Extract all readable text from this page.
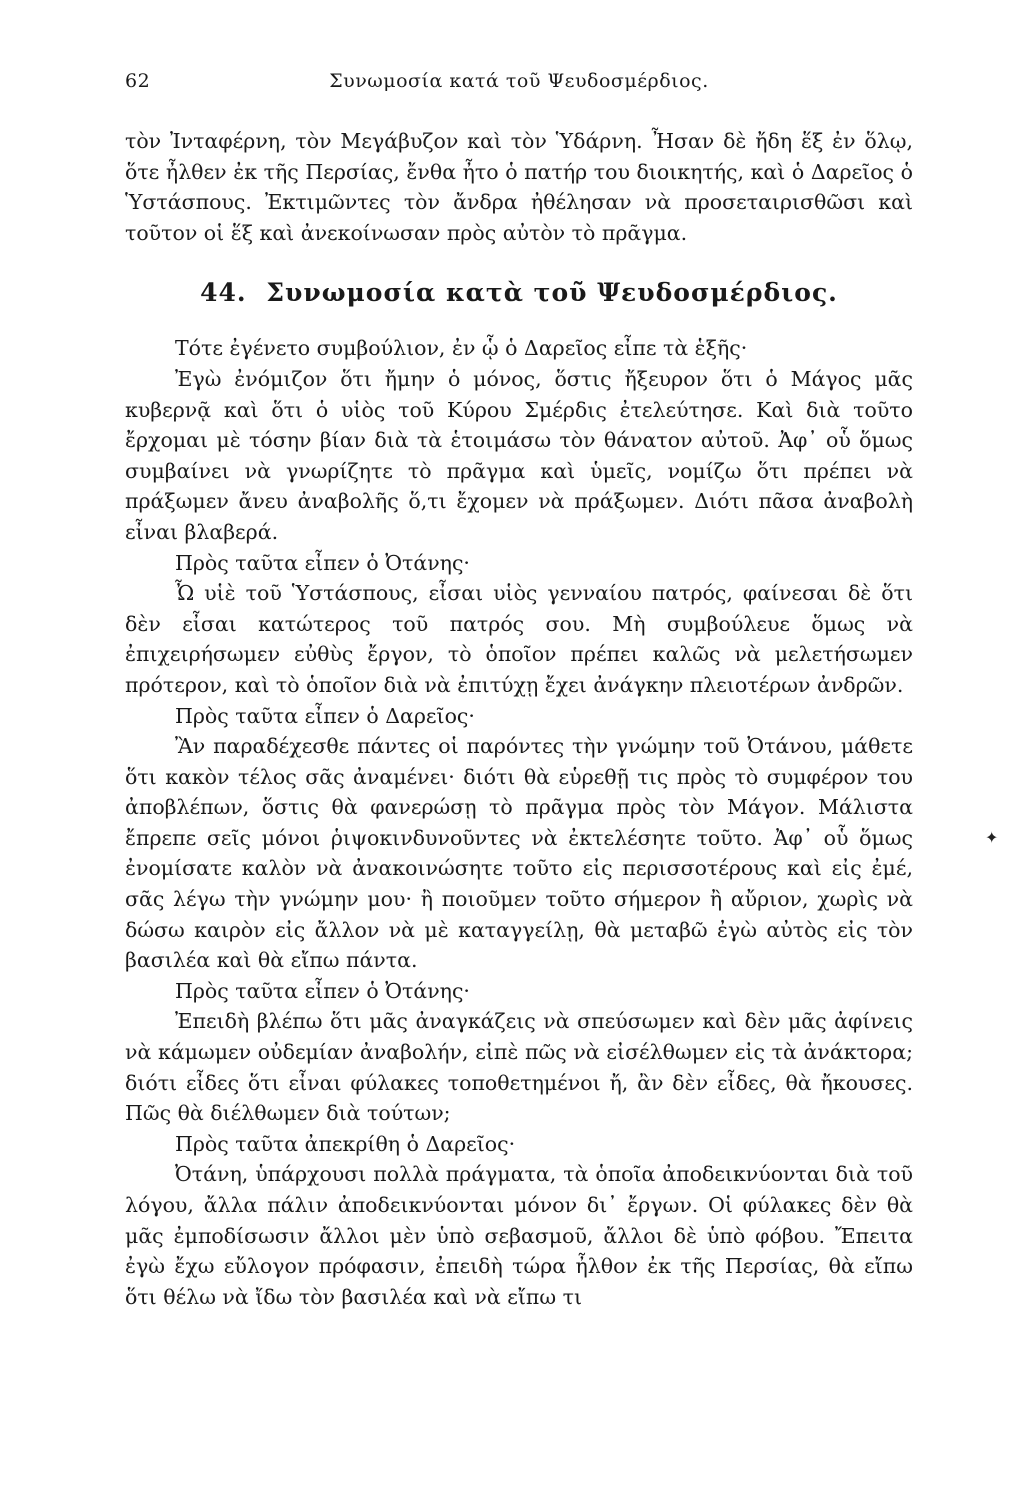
62	Συνωμοσία κατά τοῦ Ψευδοσμέρδιος.

τὸν Ἰνταφέρνη, τὸν Μεγάβυζον καὶ τὸν Ὑδάρνη. Ἦσαν δὲ ἤδη ἕξ ἐν ὅλῳ, ὅτε ἦλθεν ἐκ τῆς Περσίας, ἔνθα ἦτο ὁ πατήρ του διοικητής, καὶ ὁ Δαρεῖος ὁ Ὑστάσπους. Ἐκτιμῶντες τὸν ἄνδρα ἠθέλησαν νὰ προσεταιρισθῶσι καὶ τοῦτον οἱ ἕξ καὶ ἀνεκοίνωσαν πρὸς αὐτὸν τὸ πρᾶγμα.

44. Συνωμοσία κατὰ τοῦ Ψευδοσμέρδιος.

Τότε ἐγένετο συμβούλιον, ἐν ᾧ ὁ Δαρεῖος εἶπε τὰ ἑξῆς·

Ἐγὼ ἐνόμιζον ὅτι ἤμην ὁ μόνος, ὅστις ἤξευρον ὅτι ὁ Μάγος μᾶς κυβερνᾷ καὶ ὅτι ὁ υἱὸς τοῦ Κύρου Σμέρδις ἐτελεύτησε. Καὶ διὰ τοῦτο ἔρχομαι μὲ τόσην βίαν διὰ τὰ ἑτοιμάσω τὸν θάνατον αὐτοῦ. Ἀφ᾽ οὗ ὅμως συμβαίνει νὰ γνωρίζητε τὸ πρᾶγμα καὶ ὑμεῖς, νομίζω ὅτι πρέπει νὰ πράξωμεν ἄνευ ἀναβολῆς ὅ,τι ἔχομεν νὰ πράξωμεν. Διότι πᾶσα ἀναβολὴ εἶναι βλαβερά.

Πρὸς ταῦτα εἶπεν ὁ Ὀτάνης·

Ὦ υἱὲ τοῦ Ὑστάσπους, εἶσαι υἱὸς γενναίου πατρός, φαίνεσαι δὲ ὅτι δὲν εἶσαι κατώτερος τοῦ πατρός σου. Μὴ συμβούλευε ὅμως νὰ ἐπιχειρήσωμεν εὐθὺς ἔργον, τὸ ὁποῖον πρέπει καλῶς νὰ μελετήσωμεν πρότερον, καὶ τὸ ὁποῖον διὰ νὰ ἐπιτύχῃ ἔχει ἀνάγκην πλειοτέρων ἀνδρῶν.

Πρὸς ταῦτα εἶπεν ὁ Δαρεῖος·

Ἂν παραδέχεσθε πάντες οἱ παρόντες τὴν γνώμην τοῦ Ὀτάνου, μάθετε ὅτι κακὸν τέλος σᾶς ἀναμένει· διότι θὰ εὑρεθῇ τις πρὸς τὸ συμφέρον του ἀποβλέπων, ὅστις θὰ φανερώσῃ τὸ πρᾶγμα πρὸς τὸν Μάγον. Μάλιστα ἔπρεπε σεῖς μόνοι ῥιψοκινδυνοῦντες νὰ ἐκτελέσητε τοῦτο. Ἀφ᾽ οὗ ὅμως ἐνομίσατε καλὸν νὰ ἀνακοινώσητε τοῦτο εἰς περισσοτέρους καὶ εἰς ἐμέ, σᾶς λέγω τὴν γνώμην μου· ἢ ποιοῦμεν τοῦτο σήμερον ἢ αὔριον, χωρὶς νὰ δώσω καιρὸν εἰς ἄλλον νὰ μὲ καταγγείλῃ, θὰ μεταβῶ ἐγὼ αὐτὸς εἰς τὸν βασιλέα καὶ θὰ εἴπω πάντα.

Πρὸς ταῦτα εἶπεν ὁ Ὀτάνης·

Ἐπειδὴ βλέπω ὅτι μᾶς ἀναγκάζεις νὰ σπεύσωμεν καὶ δὲν μᾶς ἀφίνεις νὰ κάμωμεν οὐδεμίαν ἀναβολήν, εἰπὲ πῶς νὰ εἰσέλθωμεν εἰς τὰ ἀνάκτορα; διότι εἶδες ὅτι εἶναι φύλακες τοποθετημένοι ἤ, ἂν δὲν εἶδες, θὰ ἤκουσες. Πῶς θὰ διέλθωμεν διὰ τούτων;

Πρὸς ταῦτα ἀπεκρίθη ὁ Δαρεῖος·

Ὀτάνη, ὑπάρχουσι πολλὰ πράγματα, τὰ ὁποῖα ἀποδεικνύονται διὰ τοῦ λόγου, ἄλλα πάλιν ἀποδεικνύονται μόνον δι᾽ ἔργων. Οἱ φύλακες δὲν θὰ μᾶς ἐμποδίσωσιν ἄλλοι μὲν ὑπὸ σεβασμοῦ, ἄλλοι δὲ ὑπὸ φόβου. Ἔπειτα ἐγὼ ἔχω εὔλογον πρόφασιν, ἐπειδὴ τώρα ἦλθον ἐκ τῆς Περσίας, θὰ εἴπω ὅτι θέλω νὰ ἴδω τὸν βασιλέα καὶ νὰ εἴπω τι

✦
